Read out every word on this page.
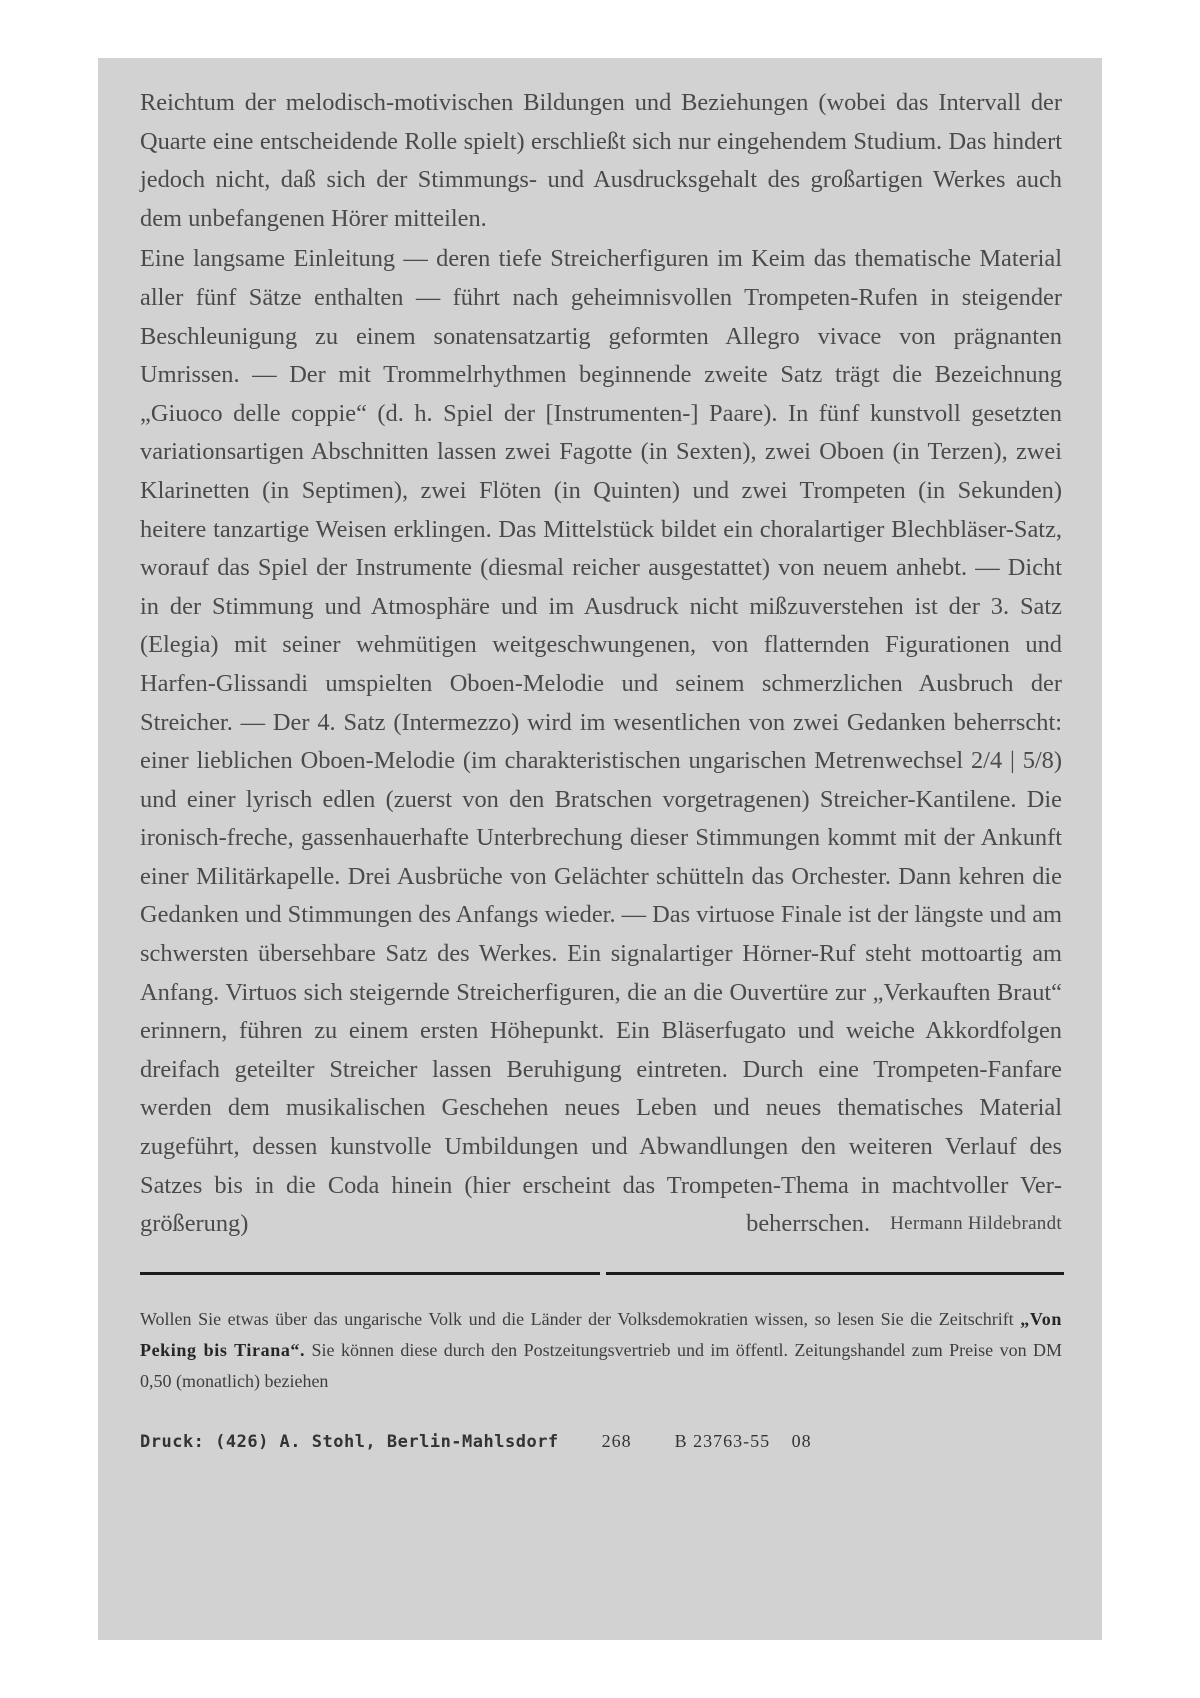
Reichtum der melodisch-motivischen Bildungen und Beziehungen (wobei das Intervall der Quarte eine entscheidende Rolle spielt) erschließt sich nur eingehendem Studium. Das hindert jedoch nicht, daß sich der Stimmungs- und Ausdrucksgehalt des großartigen Werkes auch dem unbefangenen Hörer mitteilen.

Eine langsame Einleitung — deren tiefe Streicherfiguren im Keim das thematische Material aller fünf Sätze enthalten — führt nach geheimnisvollen Trompeten-Rufen in steigender Beschleunigung zu einem sonatensatzartig geformten Allegro vivace von prägnanten Umrissen. — Der mit Trommelrhythmen beginnende zweite Satz trägt die Bezeichnung „Giuoco delle coppie“ (d. h. Spiel der [Instrumenten-] Paare). In fünf kunstvoll gesetzten variationsartigen Abschnitten lassen zwei Fagotte (in Sexten), zwei Oboen (in Terzen), zwei Klarinetten (in Septimen), zwei Flöten (in Quinten) und zwei Trompeten (in Sekunden) heitere tanzartige Weisen erklingen. Das Mittelstück bildet ein choralartiger Blechbläser-Satz, worauf das Spiel der Instrumente (diesmal reicher ausgestattet) von neuem anhebt. — Dicht in der Stimmung und Atmosphäre und im Ausdruck nicht mißzuverstehen ist der 3. Satz (Elegia) mit seiner wehmütigen weitgeschwungenen, von flatternden Figurationen und Harfen-Glissandi umspielten Oboen-Melodie und seinem schmerzlichen Ausbruch der Streicher. — Der 4. Satz (Intermezzo) wird im wesentlichen von zwei Gedanken beherrscht: einer lieblichen Oboen-Melodie (im charakteristischen ungarischen Metrenwechsel 2/4 | 5/8) und einer lyrisch edlen (zuerst von den Bratschen vorgetragenen) Streicher-Kantilene. Die ironisch-freche, gassenhauerhafte Unterbrechung dieser Stimmungen kommt mit der Ankunft einer Militärkapelle. Drei Ausbrüche von Gelächter schütteln das Orchester. Dann kehren die Gedanken und Stimmungen des Anfangs wieder. — Das virtuose Finale ist der längste und am schwersten übersehbare Satz des Werkes. Ein signalartiger Hörner-Ruf steht mottoartig am Anfang. Virtuos sich steigernde Streicherfiguren, die an die Ouvertüre zur „Verkauften Braut“ erinnern, führen zu einem ersten Höhepunkt. Ein Bläserfugato und weiche Akkordfolgen dreifach geteilter Streicher lassen Beruhigung eintreten. Durch eine Trompeten-Fanfare werden dem musikalischen Geschehen neues Leben und neues thematisches Material zugeführt, dessen kunstvolle Umbildungen und Abwandlungen den weiteren Verlauf des Satzes bis in die Coda hinein (hier erscheint das Trompeten-Thema in machtvoller Vergrößerung) beherrschen. Hermann Hildebrandt

Wollen Sie etwas über das ungarische Volk und die Länder der Volksdemokratien wissen, so lesen Sie die Zeitschrift „Von Peking bis Tirana“. Sie können diese durch den Postzeitungsvertrieb und im öffentl. Zeitungshandel zum Preise von DM 0,50 (monatlich) beziehen

Druck: (426) A. Stohl, Berlin-Mahlsdorf 268 B 23763-55 08
